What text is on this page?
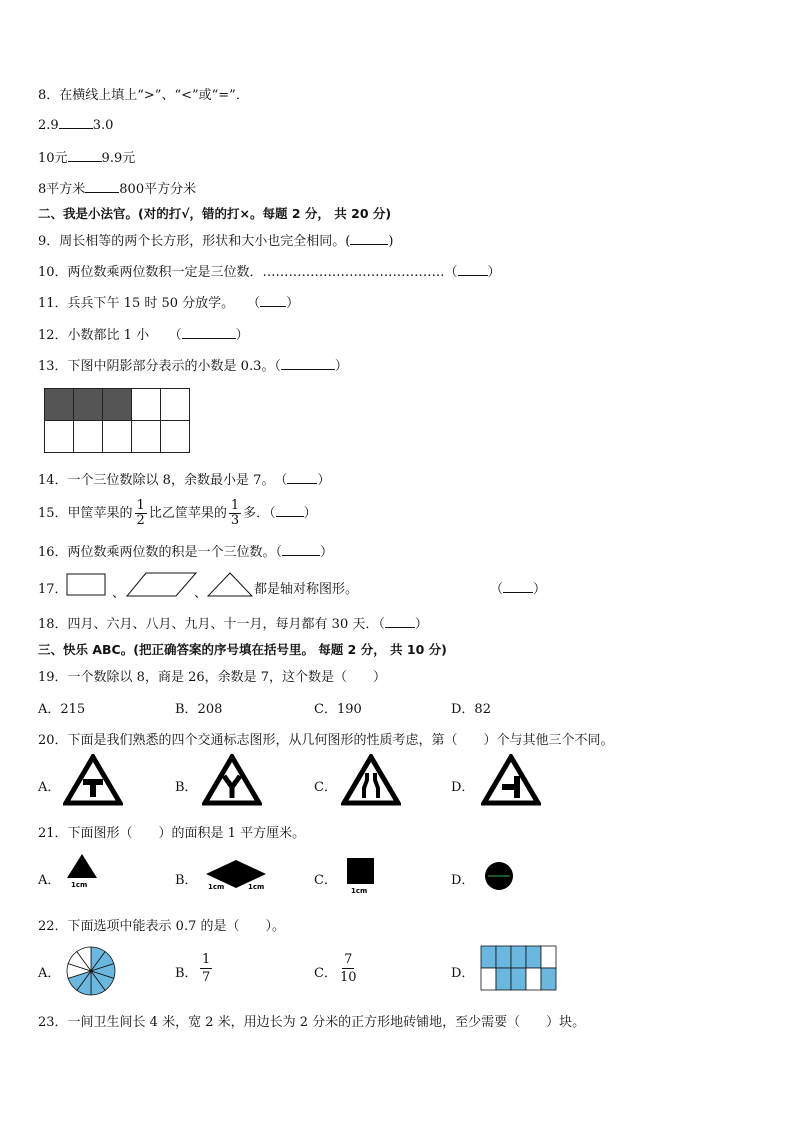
8．在横线上填上“>”、“<”或“=”．
2.9	3.0
10元	9.9元
8平方米	800平方分米
二、我是小法官。(对的打√，错的打×。每题 2 分， 共 20 分)
9．周长相等的两个长方形，形状和大小也完全相同。(	)
10．两位数乘两位数积一定是三位数．……………………………………（ ）
11．兵兵下午 15 时 50 分放学。　　（ ）
12．小数都比 1 小　　（	）
13．下图中阴影部分表示的小数是 0.3。（	）

14．一个三位数除以 8，余数最小是 7。　（ ）
15．甲筐苹果的 $\frac{1}{2}$ 比乙筐苹果的 $\frac{1}{3}$ 多．（ ）
16．两位数乘两位数的积是一个三位数。（	）
17．	、	、	都是轴对称图形。	（ ）
18．四月、六月、八月、九月、十一月，每月都有 30 天．（ ）
三、快乐 ABC。(把正确答案的序号填在括号里。 每题 2 分， 共 10 分)
19．一个数除以 8，商是 26，余数是 7，这个数是（　　）
A．215	B．208	C．190	D．82
20．下面是我们熟悉的四个交通标志图形，从几何图形的性质考虑，第（　　）个与其他三个不同。
A．	B．	C．	D．
21．下面图形（　　）的面积是 1 平方厘米。
A． 1cm	B． 1cm	1cm	C．
1cm
D．
22．下面选项中能表示 0.7 的是（　　）。
A．	B． $\frac{1}{7}$	C． $\frac{7}{10}$	D．
23．一间卫生间长 4 米，宽 2 米，用边长为 2 分米的正方形地砖铺地，至少需要（　　）块。
